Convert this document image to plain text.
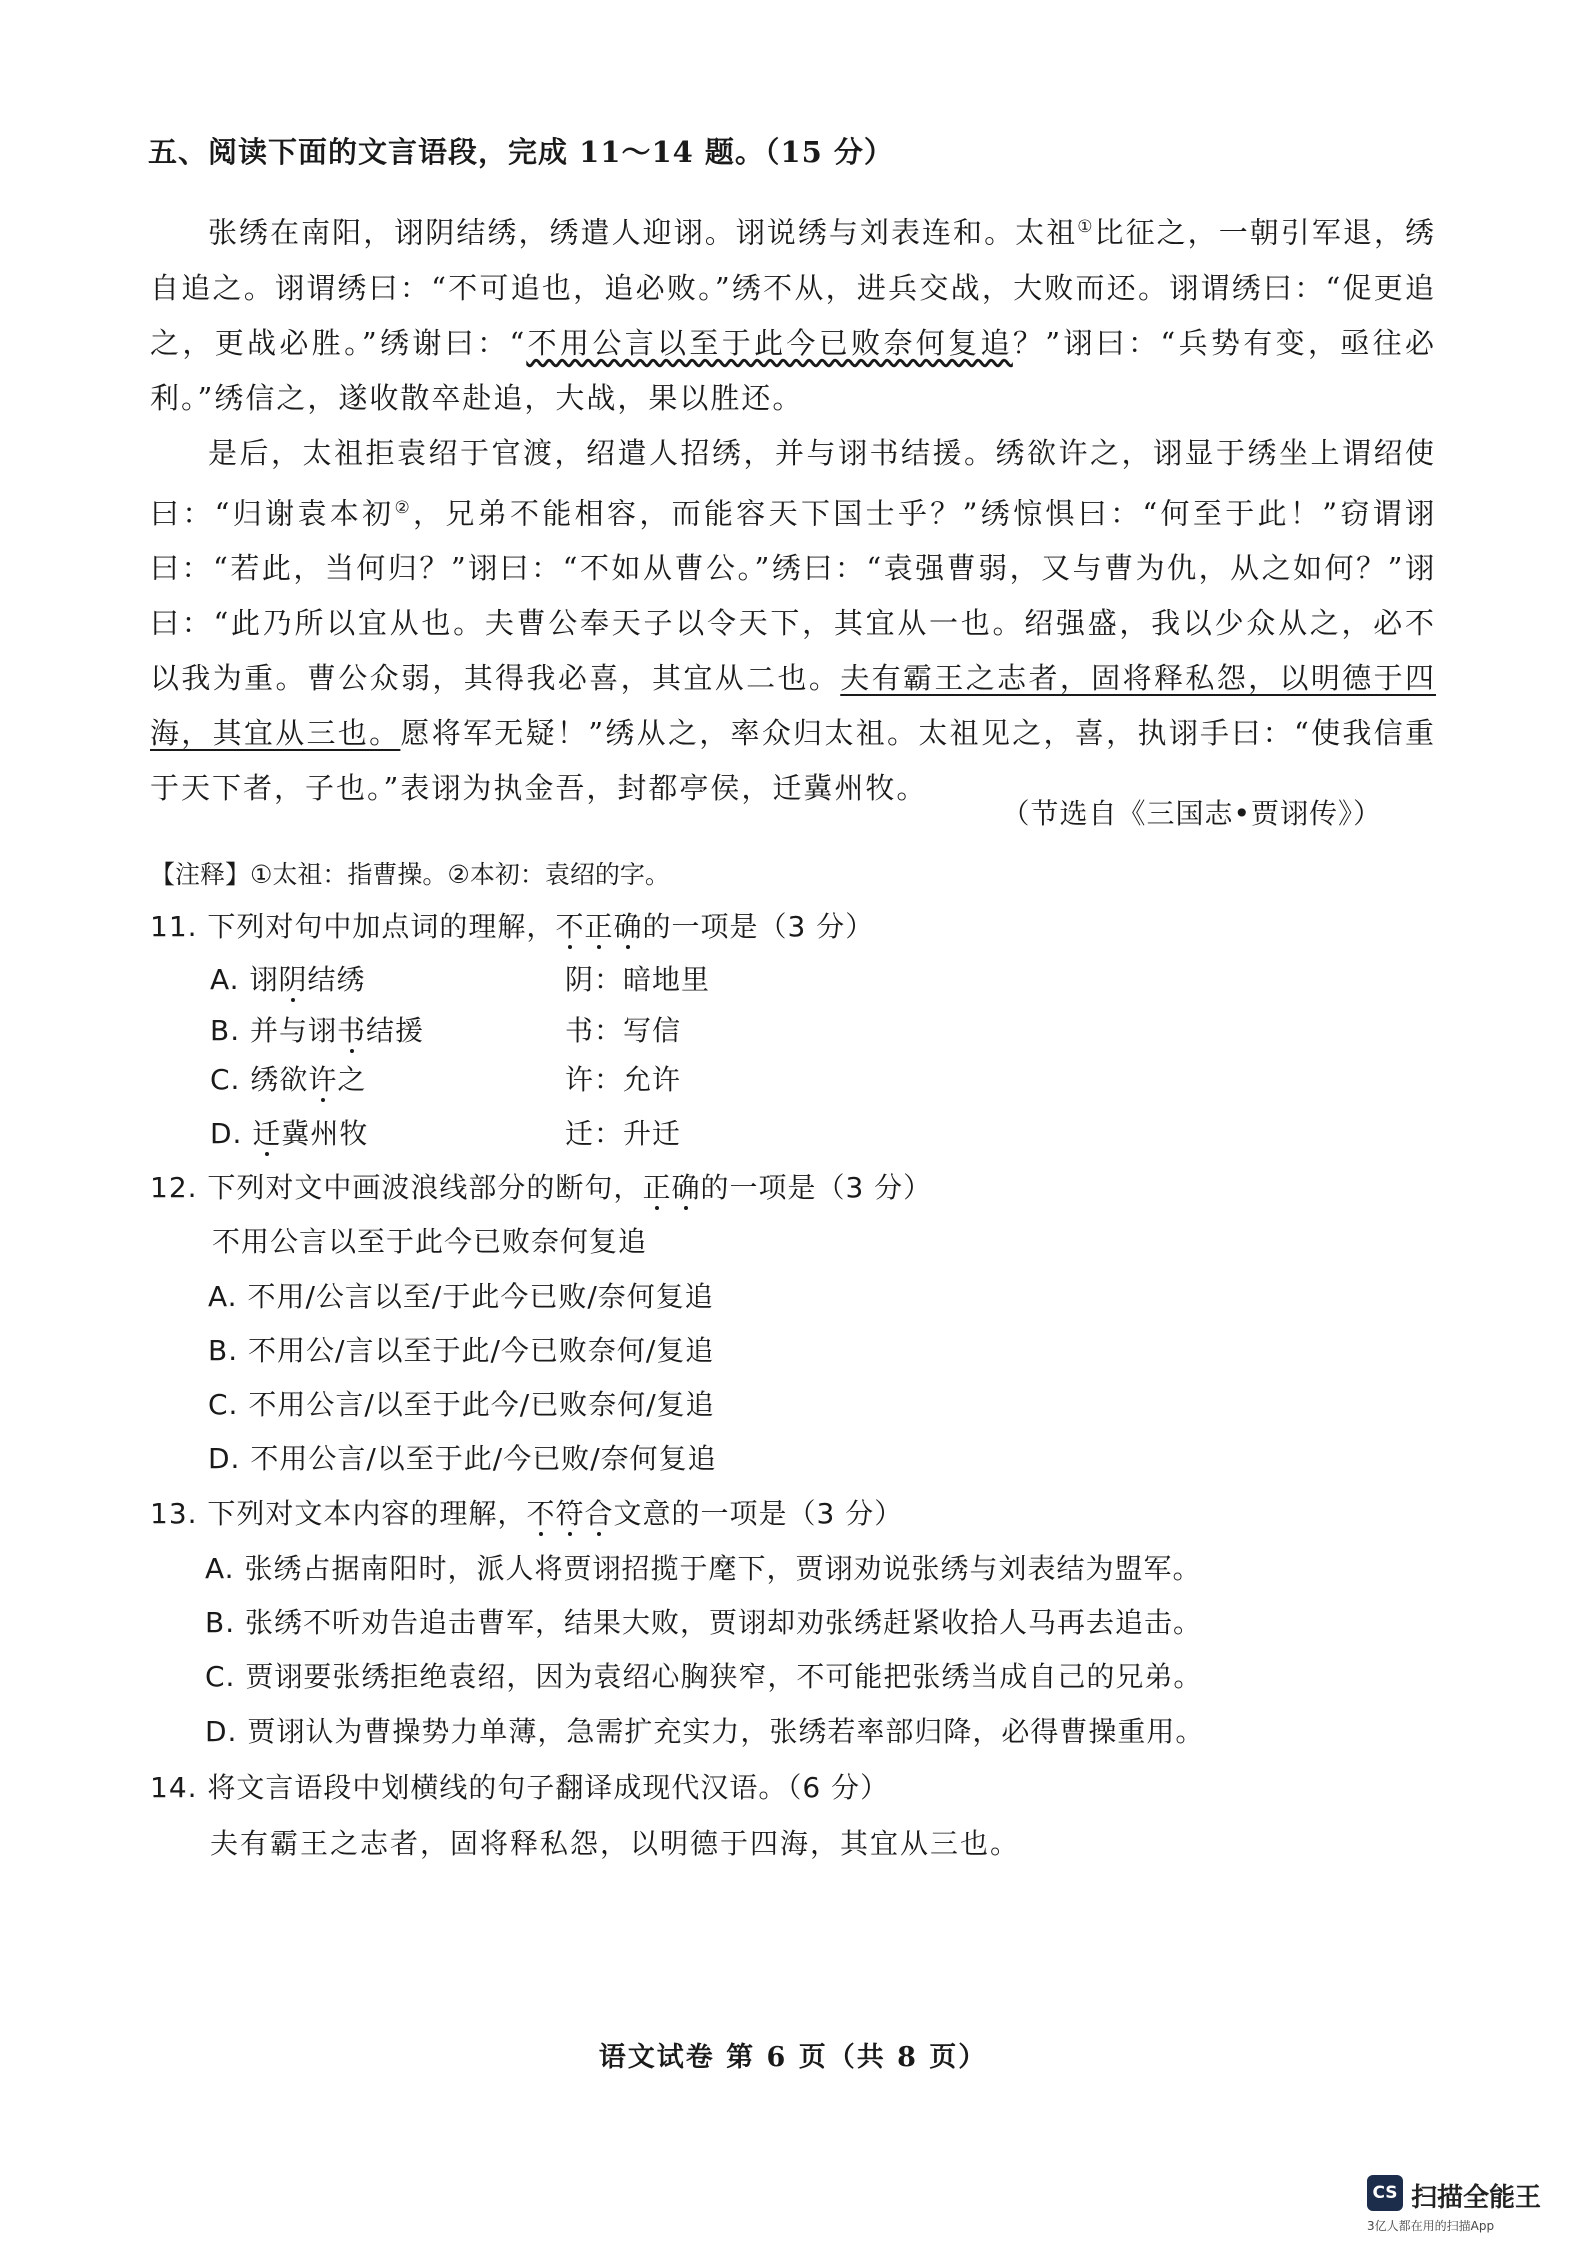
五、阅读下面的文言语段，完成 11～14 题。（15 分）

张绣在南阳，诩阴结绣，绣遣人迎诩。诩说绣与刘表连和。太祖①比征之，一朝引军退，绣自追之。诩谓绣曰：“不可追也，追必败。”绣不从，进兵交战，大败而还。诩谓绣曰：“促更追之，更战必胜。”绣谢曰：“不用公言以至于此今已败奈何复追？”诩曰：“兵势有变，亟往必利。”绣信之，遂收散卒赴追，大战，果以胜还。

是后，太祖拒袁绍于官渡，绍遣人招绣，并与诩书结援。绣欲许之，诩显于绣坐上谓绍使曰：“归谢袁本初②，兄弟不能相容，而能容天下国士乎？”绣惊惧曰：“何至于此！”窃谓诩曰：“若此，当何归？”诩曰：“不如从曹公。”绣曰：“袁强曹弱，又与曹为仇，从之如何？”诩曰：“此乃所以宜从也。夫曹公奉天子以令天下，其宜从一也。绍强盛，我以少众从之，必不以我为重。曹公众弱，其得我必喜，其宜从二也。夫有霸王之志者，固将释私怨，以明德于四海，其宜从三也。愿将军无疑！”绣从之，率众归太祖。太祖见之，喜，执诩手曰：“使我信重于天下者，子也。”表诩为执金吾，封都亭侯，迁冀州牧。

（节选自《三国志•贾诩传》）
【注释】①太祖：指曹操。②本初：袁绍的字。
11. 下列对句中加点词的理解，不正确的一项是（3 分）
A. 诩阴结绣	阴：暗地里
B. 并与诩书结援	书：写信
C. 绣欲许之	许：允许
D. 迁冀州牧	迁：升迁
12. 下列对文中画波浪线部分的断句，正确的一项是（3 分）
不用公言以至于此今已败奈何复追
A. 不用/公言以至/于此今已败/奈何复追
B. 不用公/言以至于此/今已败奈何/复追
C. 不用公言/以至于此今/已败奈何/复追
D. 不用公言/以至于此/今已败/奈何复追
13. 下列对文本内容的理解，不符合文意的一项是（3 分）
A. 张绣占据南阳时，派人将贾诩招揽于麾下，贾诩劝说张绣与刘表结为盟军。
B. 张绣不听劝告追击曹军，结果大败，贾诩却劝张绣赶紧收拾人马再去追击。
C. 贾诩要张绣拒绝袁绍，因为袁绍心胸狭窄，不可能把张绣当成自己的兄弟。
D. 贾诩认为曹操势力单薄，急需扩充实力，张绣若率部归降，必得曹操重用。
14. 将文言语段中划横线的句子翻译成现代汉语。（6 分）
夫有霸王之志者，固将释私怨，以明德于四海，其宜从三也。
语文试卷 第 6 页（共 8 页）
CS 扫描全能王
3亿人都在用的扫描App
